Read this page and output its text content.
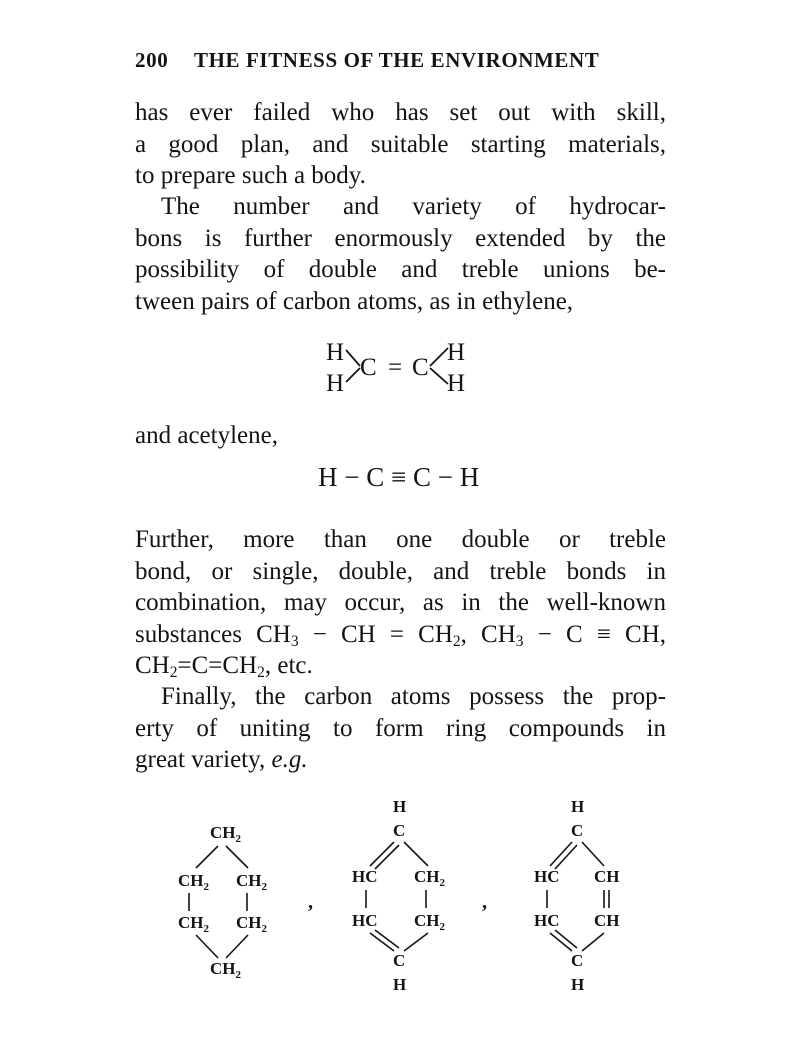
200 THE FITNESS OF THE ENVIRONMENT
has ever failed who has set out with skill,
a good plan, and suitable starting materials,
to prepare such a body.
The number and variety of hydrocar-
bons is further enormously extended by the
possibility of double and treble unions be-
tween pairs of carbon atoms, as in ethylene,
H
H
C = C
H
H
and acetylene,
H − C ≡ C − H
Further, more than one double or treble
bond, or single, double, and treble bonds in
combination, may occur, as in the well-known
substances $CH_3$ − CH = $CH_2$, $CH_3 - C$ ≡ CH,
$CH_2=C=CH_2$, etc.
Finally, the carbon atoms possess the prop-
erty of uniting to form ring compounds in
great variety, e.g.
$CH_2$
$CH_2$ $CH_2$
$CH_2$ $CH_2$
$CH_2$
H
C
HC $CH_2$
HC $CH_2$
C
H
H
C
HC CH
HC CH
C
H
,	,
